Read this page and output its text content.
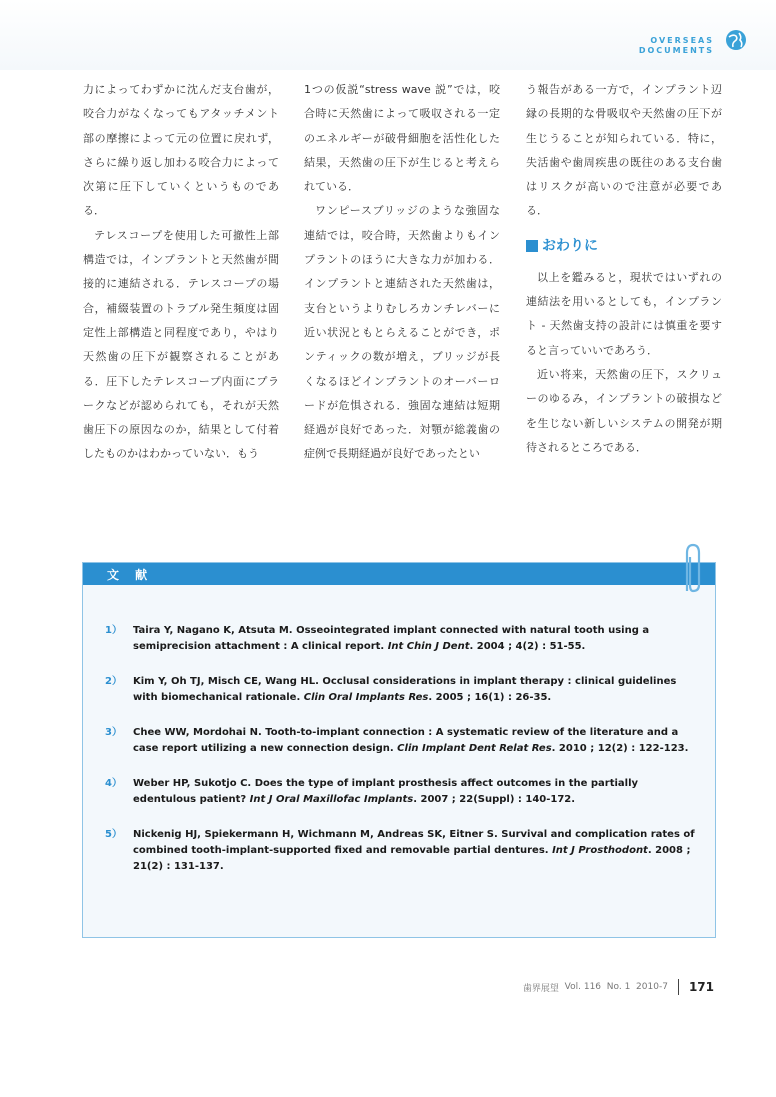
OVERSEAS
DOCUMENTS

力によってわずかに沈んだ支台歯が，咬合力がなくなってもアタッチメント部の摩擦によって元の位置に戻れず，さらに繰り返し加わる咬合力によって次第に圧下していくというものである．

テレスコープを使用した可撤性上部構造では，インプラントと天然歯が間接的に連結される．テレスコープの場合，補綴装置のトラブル発生頻度は固定性上部構造と同程度であり，やはり天然歯の圧下が観察されることがある．圧下したテレスコープ内面にプラークなどが認められても，それが天然歯圧下の原因なのか，結果として付着したものかはわかっていない．もう

1つの仮説“stress wave 説”では，咬合時に天然歯によって吸収される一定のエネルギーが破骨細胞を活性化した結果，天然歯の圧下が生じると考えられている．

ワンピースブリッジのような強固な連結では，咬合時，天然歯よりもインプラントのほうに大きな力が加わる．インプラントと連結された天然歯は，支台というよりむしろカンチレバーに近い状況ともとらえることができ，ポンティックの数が増え，ブリッジが長くなるほどインプラントのオーバーロードが危惧される．強固な連結は短期経過が良好であった．対顎が総義歯の症例で長期経過が良好であったとい

う報告がある一方で，インプラント辺縁の長期的な骨吸収や天然歯の圧下が生じうることが知られている．特に，失活歯や歯周疾患の既往のある支台歯はリスクが高いので注意が必要である．

おわりに

以上を鑑みると，現状ではいずれの連結法を用いるとしても，インプラント - 天然歯支持の設計には慎重を要すると言っていいであろう．

近い将来，天然歯の圧下，スクリューのゆるみ，インプラントの破損などを生じない新しいシステムの開発が期待されるところである．

文 献
1）	Taira Y, Nagano K, Atsuta M. Osseointegrated implant connected with natural tooth using a semiprecision attachment : A clinical report. Int Chin J Dent. 2004 ; 4(2) : 51-55.
2）	Kim Y, Oh TJ, Misch CE, Wang HL. Occlusal considerations in implant therapy : clinical guidelines with biomechanical rationale. Clin Oral Implants Res. 2005 ; 16(1) : 26-35.
3）	Chee WW, Mordohai N. Tooth-to-implant connection : A systematic review of the literature and a case report utilizing a new connection design. Clin Implant Dent Relat Res. 2010 ; 12(2) : 122-123.
4）	Weber HP, Sukotjo C. Does the type of implant prosthesis affect outcomes in the partially edentulous patient? Int J Oral Maxillofac Implants. 2007 ; 22(Suppl) : 140-172.
5）	Nickenig HJ, Spiekermann H, Wichmann M, Andreas SK, Eitner S. Survival and complication rates of combined tooth-implant-supported fixed and removable partial dentures. Int J Prosthodont. 2008 ; 21(2) : 131-137.
歯界展望
Vol. 116
No. 1
2010-7 171
